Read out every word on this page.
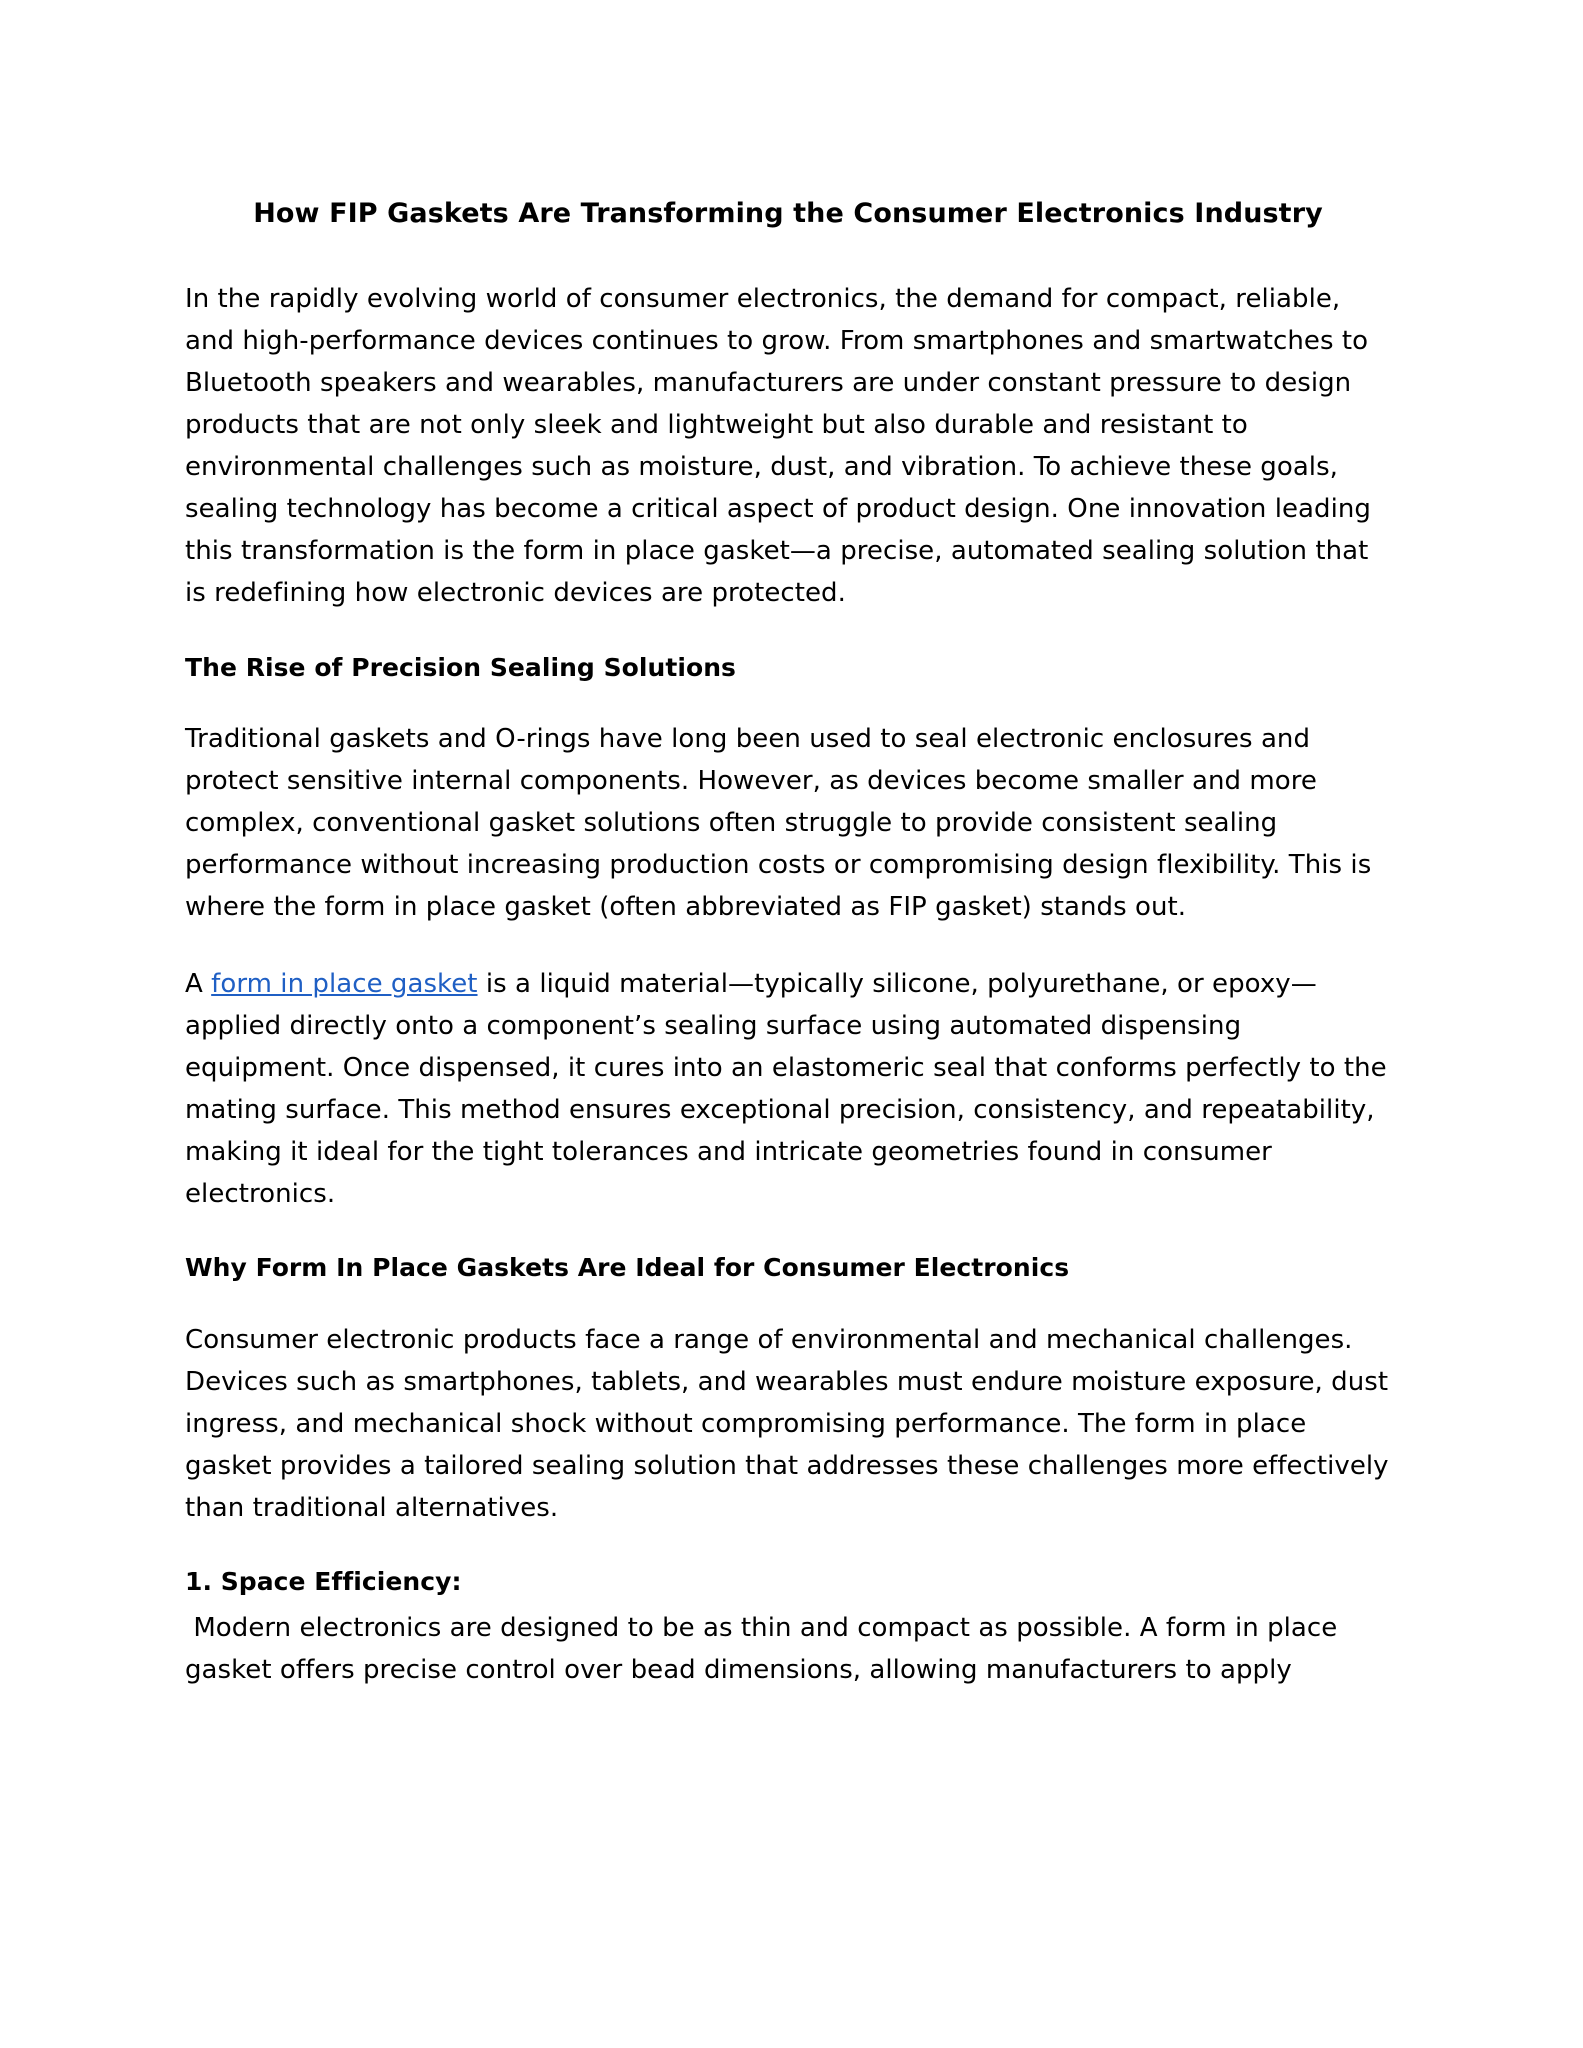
How FIP Gaskets Are Transforming the Consumer Electronics Industry

In the rapidly evolving world of consumer electronics, the demand for compact, reliable, and high-performance devices continues to grow. From smartphones and smartwatches to Bluetooth speakers and wearables, manufacturers are under constant pressure to design products that are not only sleek and lightweight but also durable and resistant to environmental challenges such as moisture, dust, and vibration. To achieve these goals, sealing technology has become a critical aspect of product design. One innovation leading this transformation is the form in place gasket—a precise, automated sealing solution that is redefining how electronic devices are protected.

The Rise of Precision Sealing Solutions

Traditional gaskets and O-rings have long been used to seal electronic enclosures and protect sensitive internal components. However, as devices become smaller and more complex, conventional gasket solutions often struggle to provide consistent sealing performance without increasing production costs or compromising design flexibility. This is where the form in place gasket (often abbreviated as FIP gasket) stands out.

A form in place gasket is a liquid material—typically silicone, polyurethane, or epoxy—applied directly onto a component’s sealing surface using automated dispensing equipment. Once dispensed, it cures into an elastomeric seal that conforms perfectly to the mating surface. This method ensures exceptional precision, consistency, and repeatability, making it ideal for the tight tolerances and intricate geometries found in consumer electronics.

Why Form In Place Gaskets Are Ideal for Consumer Electronics

Consumer electronic products face a range of environmental and mechanical challenges. Devices such as smartphones, tablets, and wearables must endure moisture exposure, dust ingress, and mechanical shock without compromising performance. The form in place gasket provides a tailored sealing solution that addresses these challenges more effectively than traditional alternatives.

1. Space Efficiency:

Modern electronics are designed to be as thin and compact as possible. A form in place gasket offers precise control over bead dimensions, allowing manufacturers to apply
